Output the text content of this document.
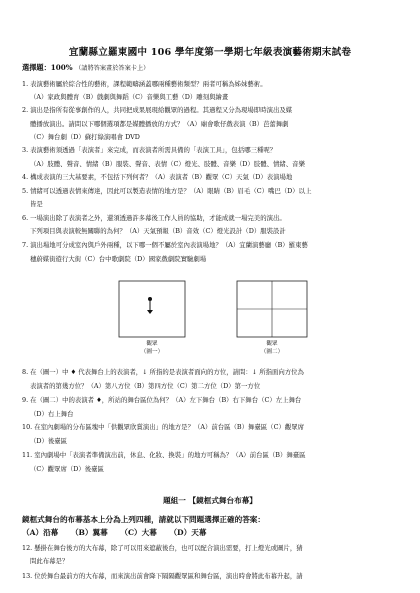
宜蘭縣立羅東國中 106 學年度第一學期七年級表演藝術期末試卷
選擇題：100% （請將答案畫於答案卡上）
1. 表演藝術屬於綜合性的藝術，課程範疇涵蓋哪兩種藝術類型？兩者可稱為姊妹藝術。
（A）家政與體育（B）戲劇與舞蹈（C）音樂與工藝（D）雕刻與繪畫
2. 演出是指所有從事創作的人，共同把成果展現給觀眾的過程。其過程又分為現場即時演出及媒
體播放演出。請問以下哪個選項都是媒體播放的方式？（A）廟會歌仔戲表演（B）芭蕾舞劇
（C）舞台劇（D）蘇打綠演唱會 DVD
3. 表演藝術須透過「表演者」來完成，而表演者所需具備的「表演工具」，包括哪三種呢？
（A）肢體、聲音、情緒（B）服裝、聲音、表情（C）燈光、肢體、音樂（D）肢體、情緒、音樂
4. 構成表演的三大基要素，不包括下列何者？（A）表演者（B）觀眾（C）天氣（D）表演場地
5. 情緒可以透過表情來傳達，因此可以製造表情的地方是？（A）眼睛（B）眉毛（C）嘴巴（D）以上
皆是
6. 一場演出除了表演者之外，還須透過許多幕後工作人員的協助，才能成就一場完美的演出。
下列項目與表演較無關聯的為何？（A）天氣預報（B）音效（C）燈光設計（D）服裝設計
7. 演出場地可分成室內與戶外兩種，以下哪一個不屬於室內表演場地？（A）宜蘭演藝廳（B）羅東藝
穗蔚媒街遊行大街（C）台中歌劇院（D）國家戲劇院實驗劇場
觀眾
（圖一）
觀眾
（圖二）
8. 在（圖一）中 ♦ 代表舞台上的表演者，↓ 所指的是表演者面向的方位，請問：↓ 所指面向方位為
表演者的第幾方位？（A）第八方位（B）第四方位（C）第二方位（D）第一方位
9. 在（圖二）中的表演者 ♦，所站的舞台區位為何？（A）左下舞台（B）右下舞台（C）左上舞台
（D）右上舞台
10. 在室內劇場的分布區塊中「供觀眾欣賞演出」的地方是？（A）前台區（B）舞臺區（C）觀眾席
（D）後臺區
11. 室內劇場中「表演者準備演出前，休息、化妝、換裝」的地方可稱為？（A）前台區（B）舞臺區
（C）觀眾席（D）後臺區
題組一 【鏡框式舞台布幕】
鏡框式舞台的布幕基本上分為上列四種，請就以下問題選擇正確的答案：
（A）沿幕 （B）翼幕 （C）大幕 （D）天幕
12. 懸掛在舞台後方的大布幕，除了可以用來遮蔽後台，也可以配合演出需要，打上燈光或圖片，猜
問此布幕是？
13. 位於舞台最前方的大布幕，而來演出前會降下隔隔觀眾區和舞台區，演出時會將此布幕升起，請
